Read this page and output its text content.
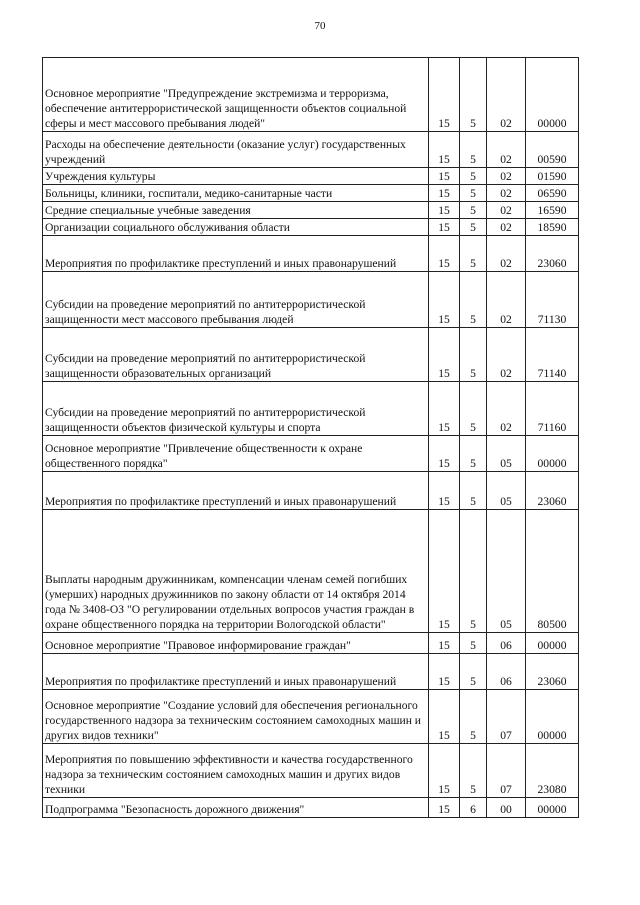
70
Основное мероприятие "Предупреждение экстремизма и терроризма, обеспечение антитеррористической защищенности объектов социальной сферы и мест массового пребывания людей"	15	5	02	00000
Расходы на обеспечение деятельности (оказание услуг) государственных учреждений	15	5	02	00590
Учреждения культуры	15	5	02	01590
Больницы, клиники, госпитали, медико-санитарные части	15	5	02	06590
Средние специальные учебные заведения	15	5	02	16590
Организации социального обслуживания области	15	5	02	18590
Мероприятия по профилактике преступлений и иных правонарушений	15	5	02	23060
Субсидии на проведение мероприятий по антитеррористической защищенности мест массового пребывания людей	15	5	02	71130
Субсидии на проведение мероприятий по антитеррористической защищенности образовательных организаций	15	5	02	71140
Субсидии на проведение мероприятий по антитеррористической защищенности объектов физической культуры и спорта	15	5	02	71160
Основное мероприятие "Привлечение общественности к охране общественного порядка"	15	5	05	00000
Мероприятия по профилактике преступлений и иных правонарушений	15	5	05	23060
Выплаты народным дружинникам, компенсации членам семей погибших (умерших) народных дружинников по закону области от 14 октября 2014 года № 3408-ОЗ "О регулировании отдельных вопросов участия граждан в охране общественного порядка на территории Вологодской области"	15	5	05	80500
Основное мероприятие "Правовое информирование граждан"	15	5	06	00000
Мероприятия по профилактике преступлений и иных правонарушений	15	5	06	23060
Основное мероприятие "Создание условий для обеспечения регионального государственного надзора за техническим состоянием самоходных машин и других видов техники"	15	5	07	00000
Мероприятия по повышению эффективности и качества государственного надзора за техническим состоянием самоходных машин и других видов техники	15	5	07	23080
Подпрограмма "Безопасность дорожного движения"	15	6	00	00000
